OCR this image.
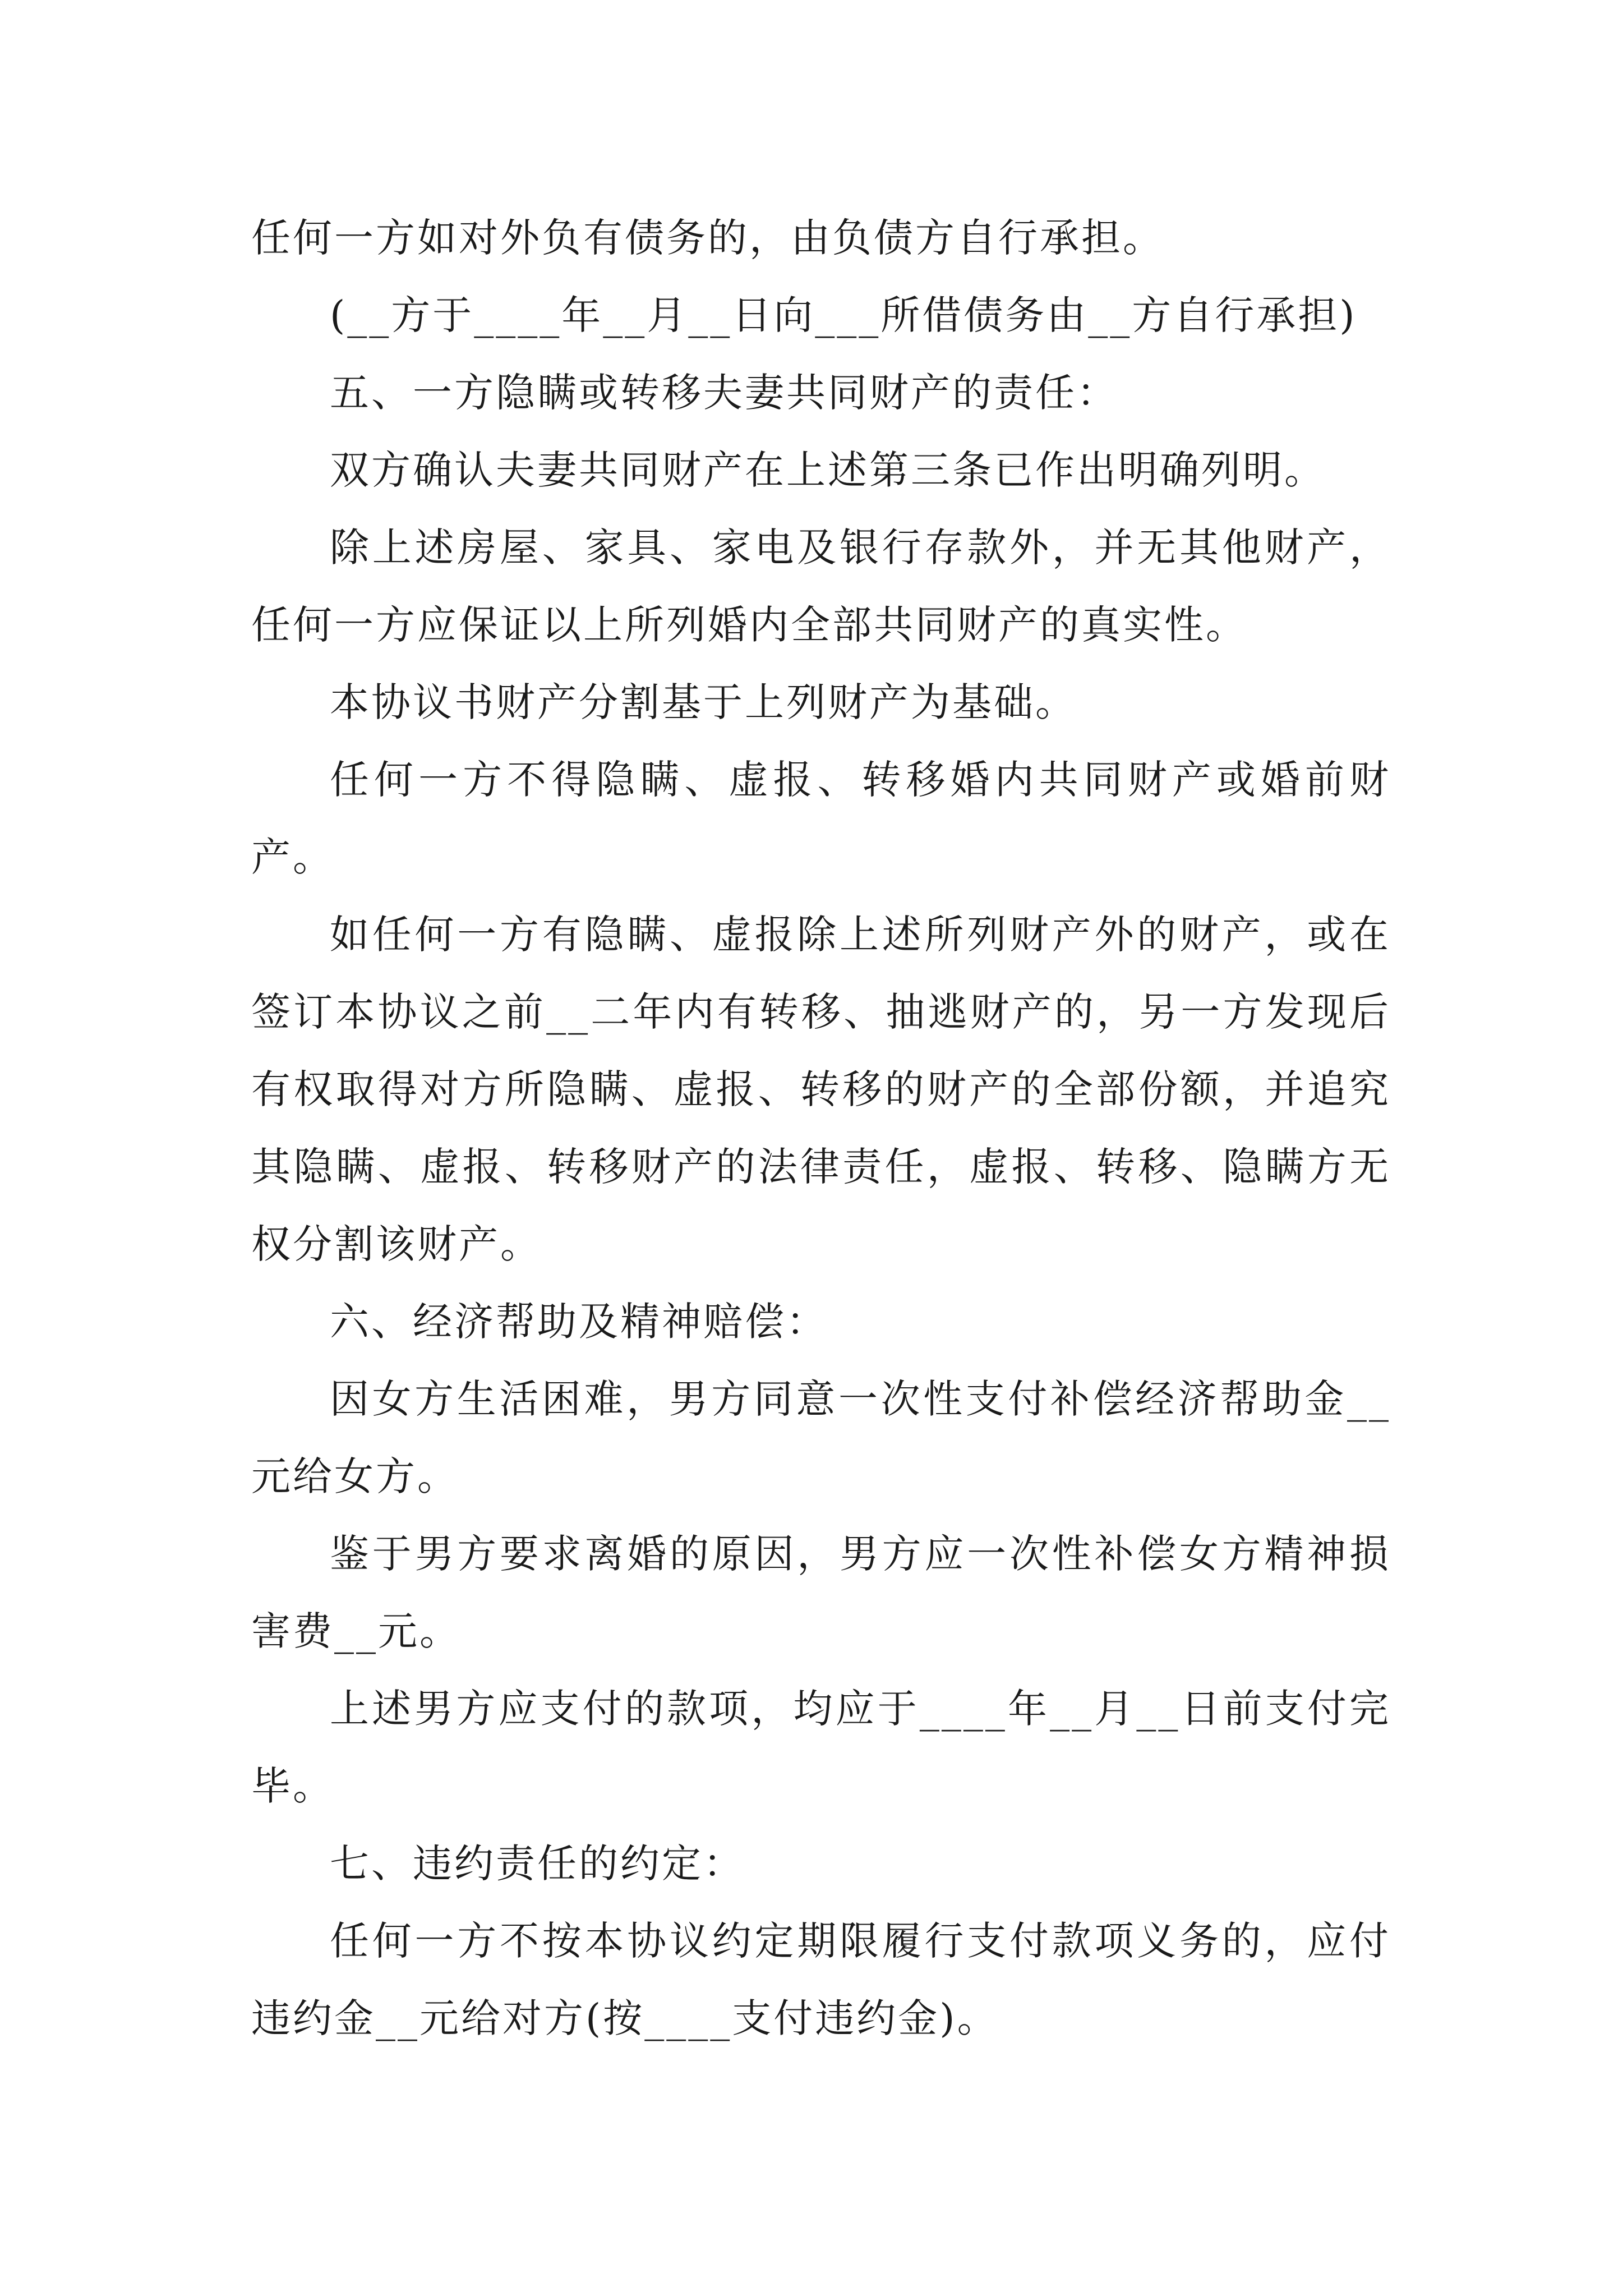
任何一方如对外负有债务的，由负债方自行承担。

(__方于____年__月__日向___所借债务由__方自行承担)

五、一方隐瞒或转移夫妻共同财产的责任：

双方确认夫妻共同财产在上述第三条已作出明确列明。

除上述房屋、家具、家电及银行存款外，并无其他财产，任何一方应保证以上所列婚内全部共同财产的真实性。

本协议书财产分割基于上列财产为基础。

任何一方不得隐瞒、虚报、转移婚内共同财产或婚前财产。

如任何一方有隐瞒、虚报除上述所列财产外的财产，或在签订本协议之前__二年内有转移、抽逃财产的，另一方发现后有权取得对方所隐瞒、虚报、转移的财产的全部份额，并追究其隐瞒、虚报、转移财产的法律责任，虚报、转移、隐瞒方无权分割该财产。

六、经济帮助及精神赔偿：

因女方生活困难，男方同意一次性支付补偿经济帮助金__元给女方。

鉴于男方要求离婚的原因，男方应一次性补偿女方精神损害费__元。

上述男方应支付的款项，均应于____年__月__日前支付完毕。

七、违约责任的约定：

任何一方不按本协议约定期限履行支付款项义务的，应付违约金__元给对方(按____支付违约金)。
